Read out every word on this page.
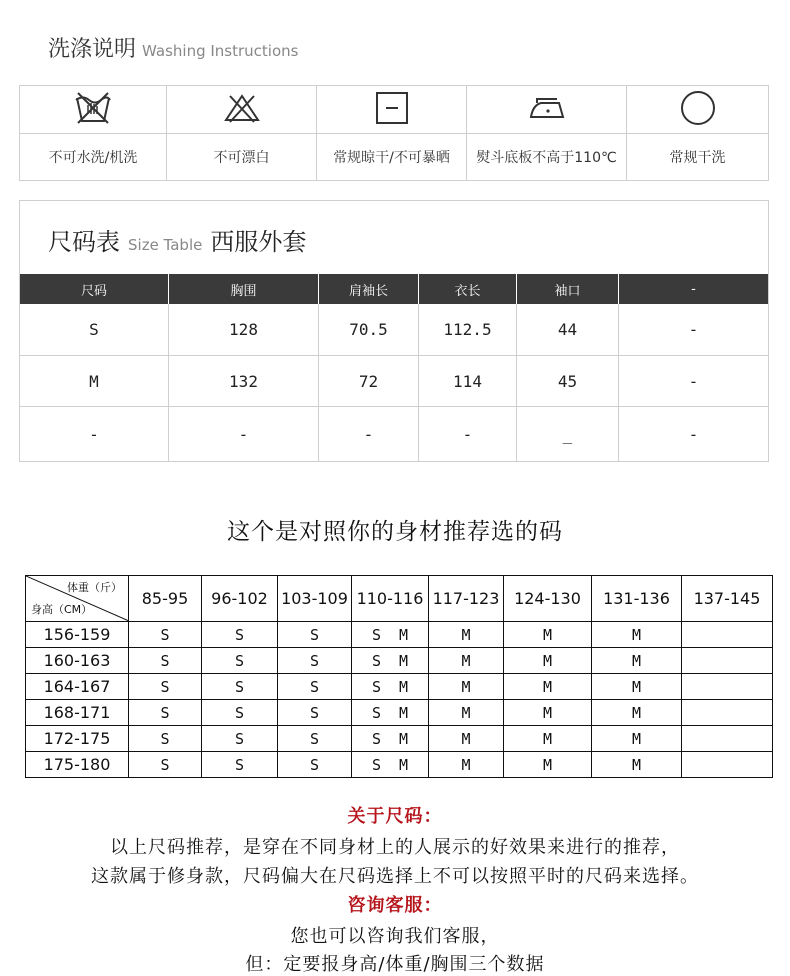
洗涤说明 Washing Instructions
不可水洗/机洗	不可漂白	常规晾干/不可暴晒	熨斗底板不高于110℃	常规干洗
尺码表 Size Table 西服外套
尺码	胸围	肩袖长	衣长	袖口	-
S	128	70.5	112.5	44	-
M	132	72	114	45	-
-	-	-	-	_	-
这个是对照你的身材推荐选的码
体重（斤）
身高（CM）	85-95	96-102	103-109	110-116	117-123	124-130	131-136	137-145
156-159	S	S	S	S  M	M	M	M	
160-163	S	S	S	S  M	M	M	M	
164-167	S	S	S	S  M	M	M	M	
168-171	S	S	S	S  M	M	M	M	
172-175	S	S	S	S  M	M	M	M	
175-180	S	S	S	S  M	M	M	M	
关于尺码：
以上尺码推荐，是穿在不同身材上的人展示的好效果来进行的推荐，
这款属于修身款，尺码偏大在尺码选择上不可以按照平时的尺码来选择。
咨询客服：
您也可以咨询我们客服，
但：定要报身高/体重/胸围三个数据
